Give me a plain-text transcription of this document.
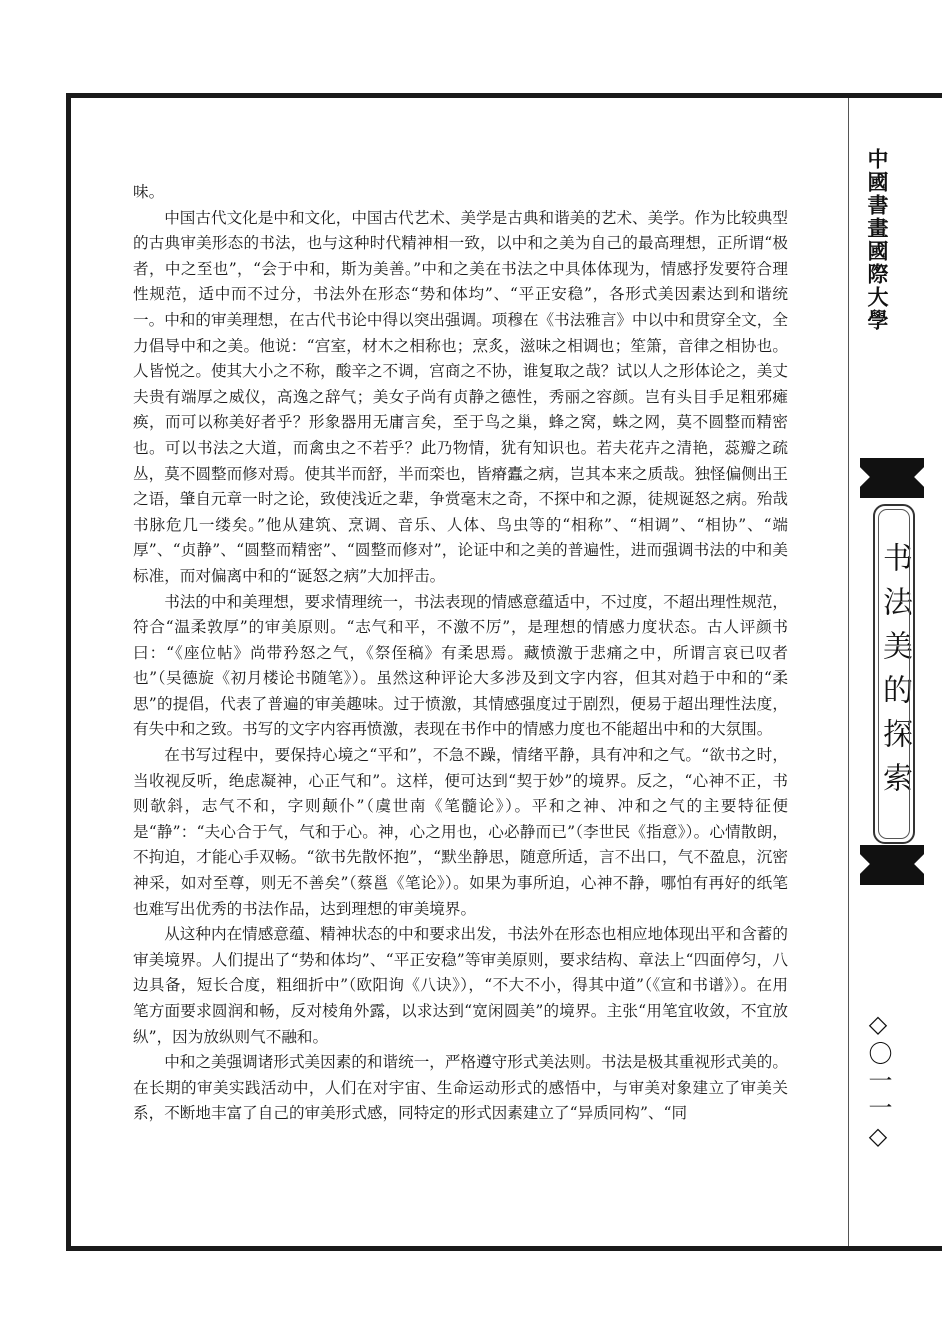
味。

中国古代文化是中和文化，中国古代艺术、美学是古典和谐美的艺术、美学。作为比较典型的古典审美形态的书法，也与这种时代精神相一致，以中和之美为自己的最高理想，正所谓“极者，中之至也”，“会于中和，斯为美善。”中和之美在书法之中具体体现为，情感抒发要符合理性规范，适中而不过分，书法外在形态“势和体均”、“平正安稳”，各形式美因素达到和谐统一。中和的审美理想，在古代书论中得以突出强调。项穆在《书法雅言》中以中和贯穿全文，全力倡导中和之美。他说：“宫室，材木之相称也；烹炙，滋味之相调也；笙箫，音律之相协也。人皆悦之。使其大小之不称，酸辛之不调，宫商之不协，谁复取之哉？试以人之形体论之，美丈夫贵有端厚之威仪，高逸之辞气；美女子尚有贞静之德性，秀丽之容颜。岂有头目手足粗邪瘫痪，而可以称美好者乎？形象器用无庸言矣，至于鸟之巢，蜂之窝，蛛之网，莫不圆整而精密也。可以书法之大道，而禽虫之不若乎？此乃物情，犹有知识也。若夫花卉之清艳，蕊瓣之疏丛，莫不圆整而修对焉。使其半而舒，半而栾也，皆瘠蠹之病，岂其本来之质哉。独怪偏侧出王之语，肇自元章一时之论，致使浅近之辈，争赏毫末之奇，不探中和之源，徒规诞怒之病。殆哉书脉危几一缕矣。”他从建筑、烹调、音乐、人体、鸟虫等的“相称”、“相调”、“相协”、“端厚”、“贞静”、“圆整而精密”、“圆整而修对”，论证中和之美的普遍性，进而强调书法的中和美标准，而对偏离中和的“诞怒之病”大加抨击。

书法的中和美理想，要求情理统一，书法表现的情感意蕴适中，不过度，不超出理性规范，符合“温柔敦厚”的审美原则。“志气和平，不激不厉”，是理想的情感力度状态。古人评颜书曰：“《座位帖》尚带矜怒之气，《祭侄稿》有柔思焉。藏愤激于悲痛之中，所谓言哀已叹者也”（吴德旋《初月楼论书随笔》）。虽然这种评论大多涉及到文字内容，但其对趋于中和的“柔思”的提倡，代表了普遍的审美趣味。过于愤激，其情感强度过于剧烈，便易于超出理性法度，有失中和之致。书写的文字内容再愤激，表现在书作中的情感力度也不能超出中和的大氛围。

在书写过程中，要保持心境之“平和”，不急不躁，情绪平静，具有冲和之气。“欲书之时，当收视反听，绝虑凝神，心正气和”。这样，便可达到“契于妙”的境界。反之，“心神不正，书则欹斜，志气不和，字则颠仆”（虞世南《笔髓论》）。平和之神、冲和之气的主要特征便是“静”：“夫心合于气，气和于心。神，心之用也，心必静而已”（李世民《指意》）。心情散朗，不拘迫，才能心手双畅。“欲书先散怀抱”，“默坐静思，随意所适，言不出口，气不盈息，沉密神采，如对至尊，则无不善矣”（蔡邕《笔论》）。如果为事所迫，心神不静，哪怕有再好的纸笔也难写出优秀的书法作品，达到理想的审美境界。

从这种内在情感意蕴、精神状态的中和要求出发，书法外在形态也相应地体现出平和含蓄的审美境界。人们提出了“势和体均”、“平正安稳”等审美原则，要求结构、章法上“四面停匀，八边具备，短长合度，粗细折中”（欧阳询《八诀》），“不大不小，得其中道”（《宣和书谱》）。在用笔方面要求圆润和畅，反对棱角外露，以求达到“宽闲圆美”的境界。主张“用笔宜收敛，不宜放纵”，因为放纵则气不融和。

中和之美强调诸形式美因素的和谐统一，严格遵守形式美法则。书法是极其重视形式美的。在长期的审美实践活动中，人们在对宇宙、生命运动形式的感悟中，与审美对象建立了审美关系，不断地丰富了自己的审美形式感，同特定的形式因素建立了“异质同构”、“同

中國書畫國際大學
书法美的探索
◇〇一一◇
